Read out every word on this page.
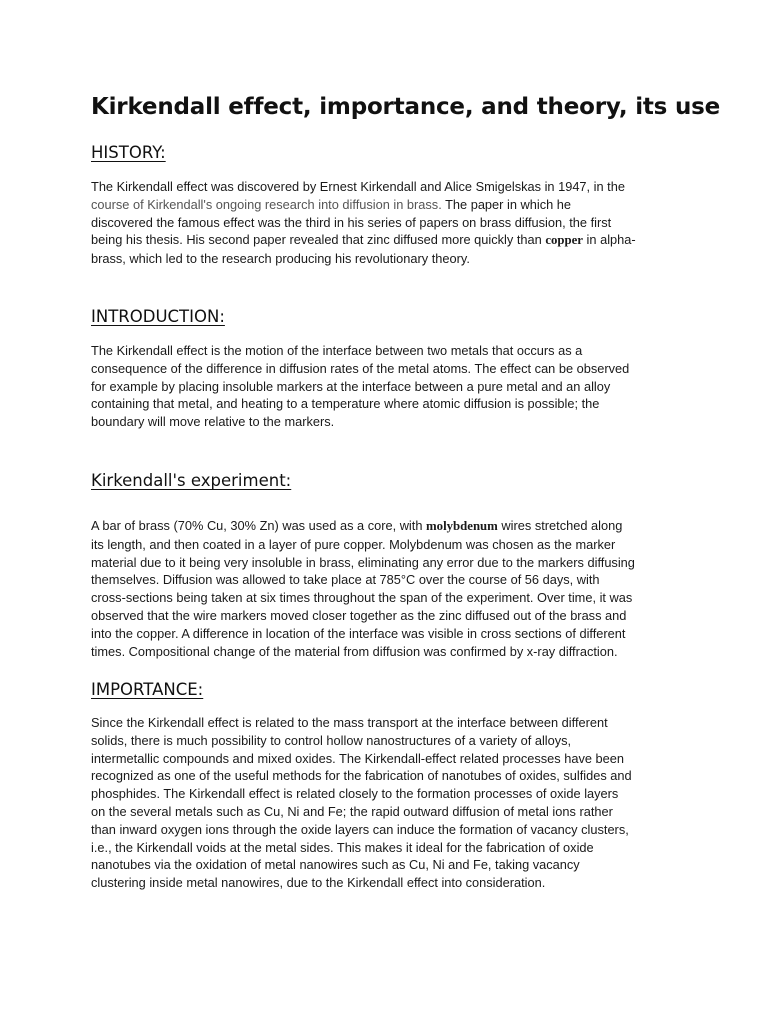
Kirkendall effect, importance, and theory, its use
HISTORY:

The Kirkendall effect was discovered by Ernest Kirkendall and Alice Smigelskas in 1947, in the
course of Kirkendall's ongoing research into diffusion in brass. The paper in which he
discovered the famous effect was the third in his series of papers on brass diffusion, the first
being his thesis. His second paper revealed that zinc diffused more quickly than copper in alpha-
brass, which led to the research producing his revolutionary theory.

INTRODUCTION:

The Kirkendall effect is the motion of the interface between two metals that occurs as a
consequence of the difference in diffusion rates of the metal atoms. The effect can be observed
for example by placing insoluble markers at the interface between a pure metal and an alloy
containing that metal, and heating to a temperature where atomic diffusion is possible; the
boundary will move relative to the markers.

Kirkendall's experiment:

A bar of brass (70% Cu, 30% Zn) was used as a core, with molybdenum wires stretched along
its length, and then coated in a layer of pure copper. Molybdenum was chosen as the marker
material due to it being very insoluble in brass, eliminating any error due to the markers diffusing
themselves. Diffusion was allowed to take place at 785°C over the course of 56 days, with
cross-sections being taken at six times throughout the span of the experiment. Over time, it was
observed that the wire markers moved closer together as the zinc diffused out of the brass and
into the copper. A difference in location of the interface was visible in cross sections of different
times. Compositional change of the material from diffusion was confirmed by x-ray diffraction.

IMPORTANCE:

Since the Kirkendall effect is related to the mass transport at the interface between different
solids, there is much possibility to control hollow nanostructures of a variety of alloys,
intermetallic compounds and mixed oxides. The Kirkendall-effect related processes have been
recognized as one of the useful methods for the fabrication of nanotubes of oxides, sulfides and
phosphides. The Kirkendall effect is related closely to the formation processes of oxide layers
on the several metals such as Cu, Ni and Fe; the rapid outward diffusion of metal ions rather
than inward oxygen ions through the oxide layers can induce the formation of vacancy clusters,
i.e., the Kirkendall voids at the metal sides. This makes it ideal for the fabrication of oxide
nanotubes via the oxidation of metal nanowires such as Cu, Ni and Fe, taking vacancy
clustering inside metal nanowires, due to the Kirkendall effect into consideration.
